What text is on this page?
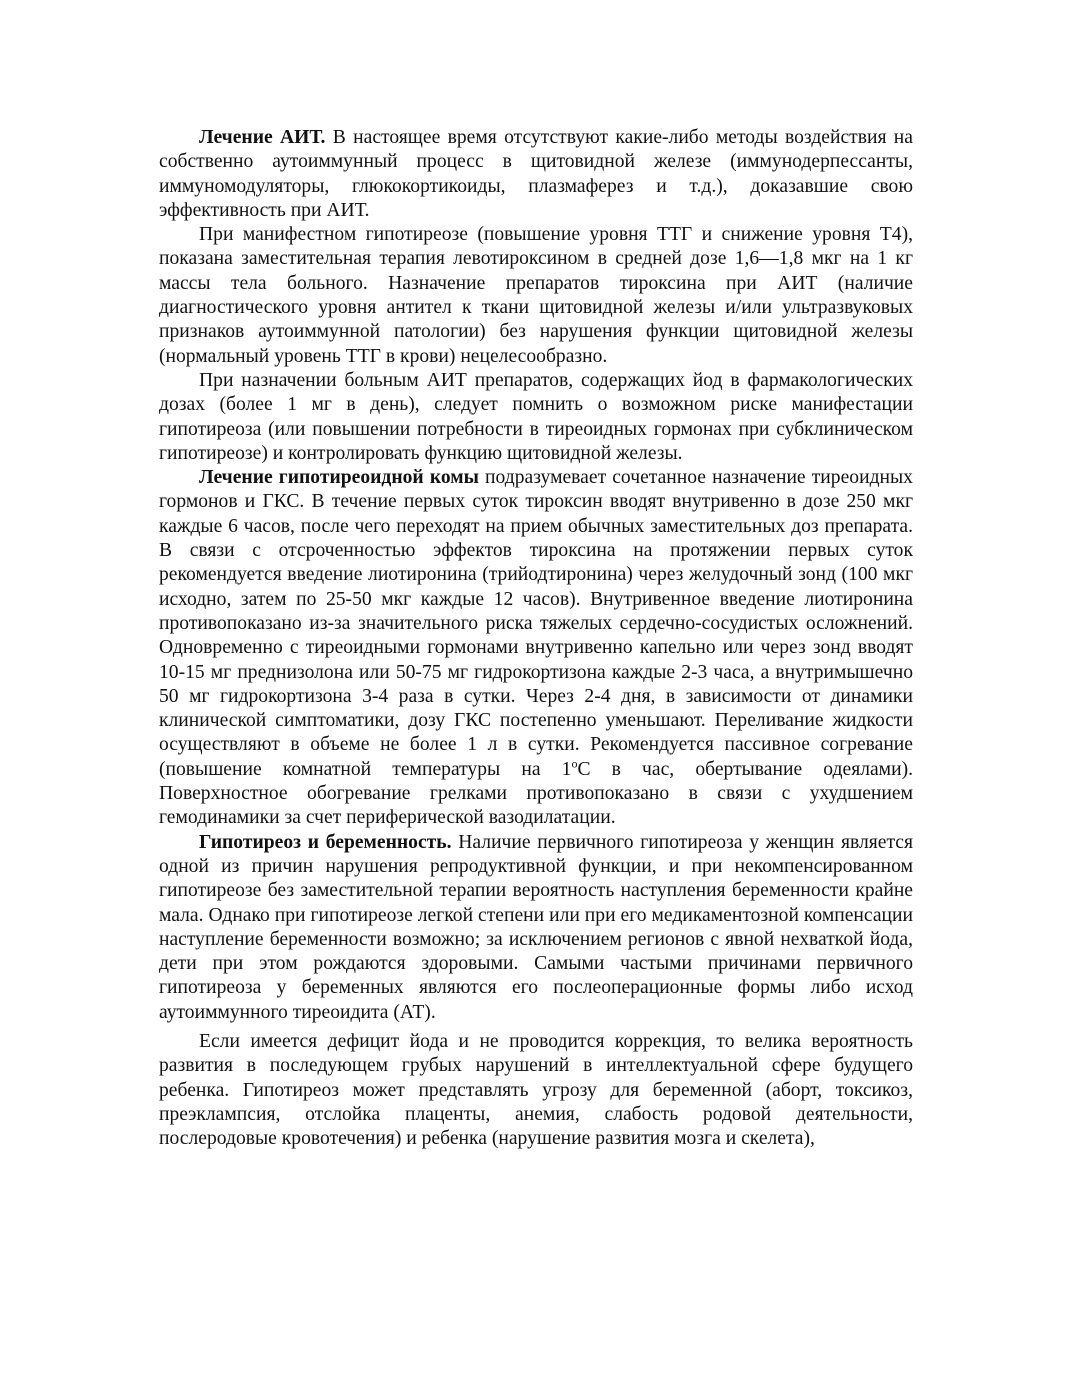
Лечение АИТ. В настоящее время отсутствуют какие-либо методы воздействия на собственно аутоиммунный процесс в щитовидной железе (иммунодерпессанты, иммуномодуляторы, глюкокортикоиды, плазмаферез и т.д.), доказавшие свою эффективность при АИТ.

При манифестном гипотиреозе (повышение уровня ТТГ и снижение уровня Т4), показана заместительная терапия левотироксином в средней дозе 1,6—1,8 мкг на 1 кг массы тела больного. Назначение препаратов тироксина при АИТ (наличие диагностического уровня антител к ткани щитовидной железы и/или ультразвуковых признаков аутоиммунной патологии) без нарушения функции щитовидной железы (нормальный уровень ТТГ в крови) нецелесообразно.

При назначении больным АИТ препаратов, содержащих йод в фармакологических дозах (более 1 мг в день), следует помнить о возможном риске манифестации гипотиреоза (или повышении потребности в тиреоидных гормонах при субклиническом гипотиреозе) и контролировать функцию щитовидной железы.

Лечение гипотиреоидной комы подразумевает сочетанное назначение тиреоидных гормонов и ГКС. В течение первых суток тироксин вводят внутривенно в дозе 250 мкг каждые 6 часов, после чего переходят на прием обычных заместительных доз препарата. В связи с отсроченностью эффектов тироксина на протяжении первых суток рекомендуется введение лиотиронина (трийодтиронина) через желудочный зонд (100 мкг исходно, затем по 25-50 мкг каждые 12 часов). Внутривенное введение лиотиронина противопоказано из-за значительного риска тяжелых сердечно-сосудистых осложнений. Одновременно с тиреоидными гормонами внутривенно капельно или через зонд вводят 10-15 мг преднизолона или 50-75 мг гидрокортизона каждые 2-3 часа, а внутримышечно 50 мг гидрокортизона 3-4 раза в сутки. Через 2-4 дня, в зависимости от динамики клинической симптоматики, дозу ГКС постепенно уменьшают. Переливание жидкости осуществляют в объеме не более 1 л в сутки. Рекомендуется пассивное согревание (повышение комнатной температуры на 1$^o$С в час, обертывание одеялами). Поверхностное обогревание грелками противопоказано в связи с ухудшением гемодинамики за счет периферической вазодилатации.

Гипотиреоз и беременность. Наличие первичного гипотиреоза у женщин является одной из причин нарушения репродуктивной функции, и при некомпенсированном гипотиреозе без заместительной терапии вероятность наступления беременности крайне мала. Однако при гипотиреозе легкой степени или при его медикаментозной компенсации наступление беременности возможно; за исключением регионов с явной нехваткой йода, дети при этом рождаются здоровыми. Самыми частыми причинами первичного гипотиреоза у беременных являются его послеоперационные формы либо исход аутоиммунного тиреоидита (АТ).

Если имеется дефицит йода и не проводится коррекция, то велика вероятность развития в последующем грубых нарушений в интеллектуальной сфере будущего ребенка. Гипотиреоз может представлять угрозу для беременной (аборт, токсикоз, преэклампсия, отслойка плаценты, анемия, слабость родовой деятельности, послеродовые кровотечения) и ребенка (нарушение развития мозга и скелета),
